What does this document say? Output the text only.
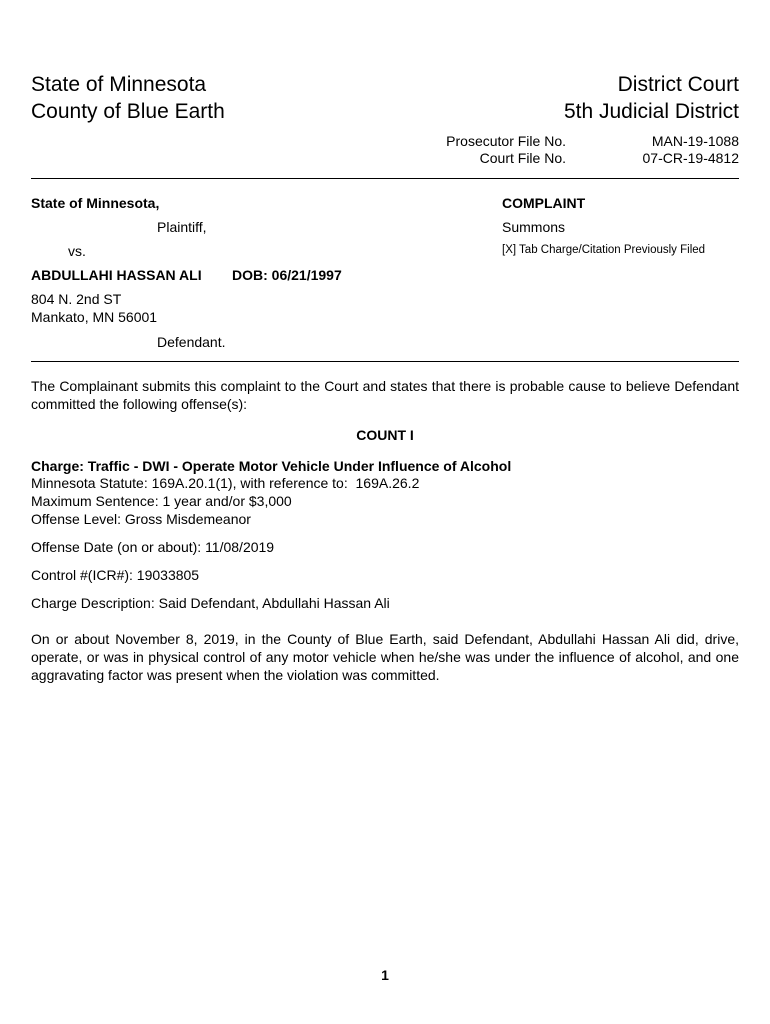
State of Minnesota
County of Blue Earth
District Court
5th Judicial District
Prosecutor File No.	MAN-19-1088
Court File No.	07-CR-19-4812
State of Minnesota,
Plaintiff,
vs.
ABDULLAHI HASSAN ALI DOB: 06/21/1997
804 N. 2nd ST
Mankato, MN 56001
Defendant.
COMPLAINT
Summons
[X] Tab Charge/Citation Previously Filed
The Complainant submits this complaint to the Court and states that there is probable cause to believe Defendant committed the following offense(s):
COUNT I
Charge: Traffic - DWI - Operate Motor Vehicle Under Influence of Alcohol
Minnesota Statute: 169A.20.1(1), with reference to:  169A.26.2
Maximum Sentence: 1 year and/or $3,000
Offense Level: Gross Misdemeanor
Offense Date (on or about): 11/08/2019
Control #(ICR#): 19033805
Charge Description: Said Defendant, Abdullahi Hassan Ali
On or about November 8, 2019, in the County of Blue Earth, said Defendant, Abdullahi Hassan Ali did, drive, operate, or was in physical control of any motor vehicle when he/she was under the influence of alcohol, and one aggravating factor was present when the violation was committed.
1
